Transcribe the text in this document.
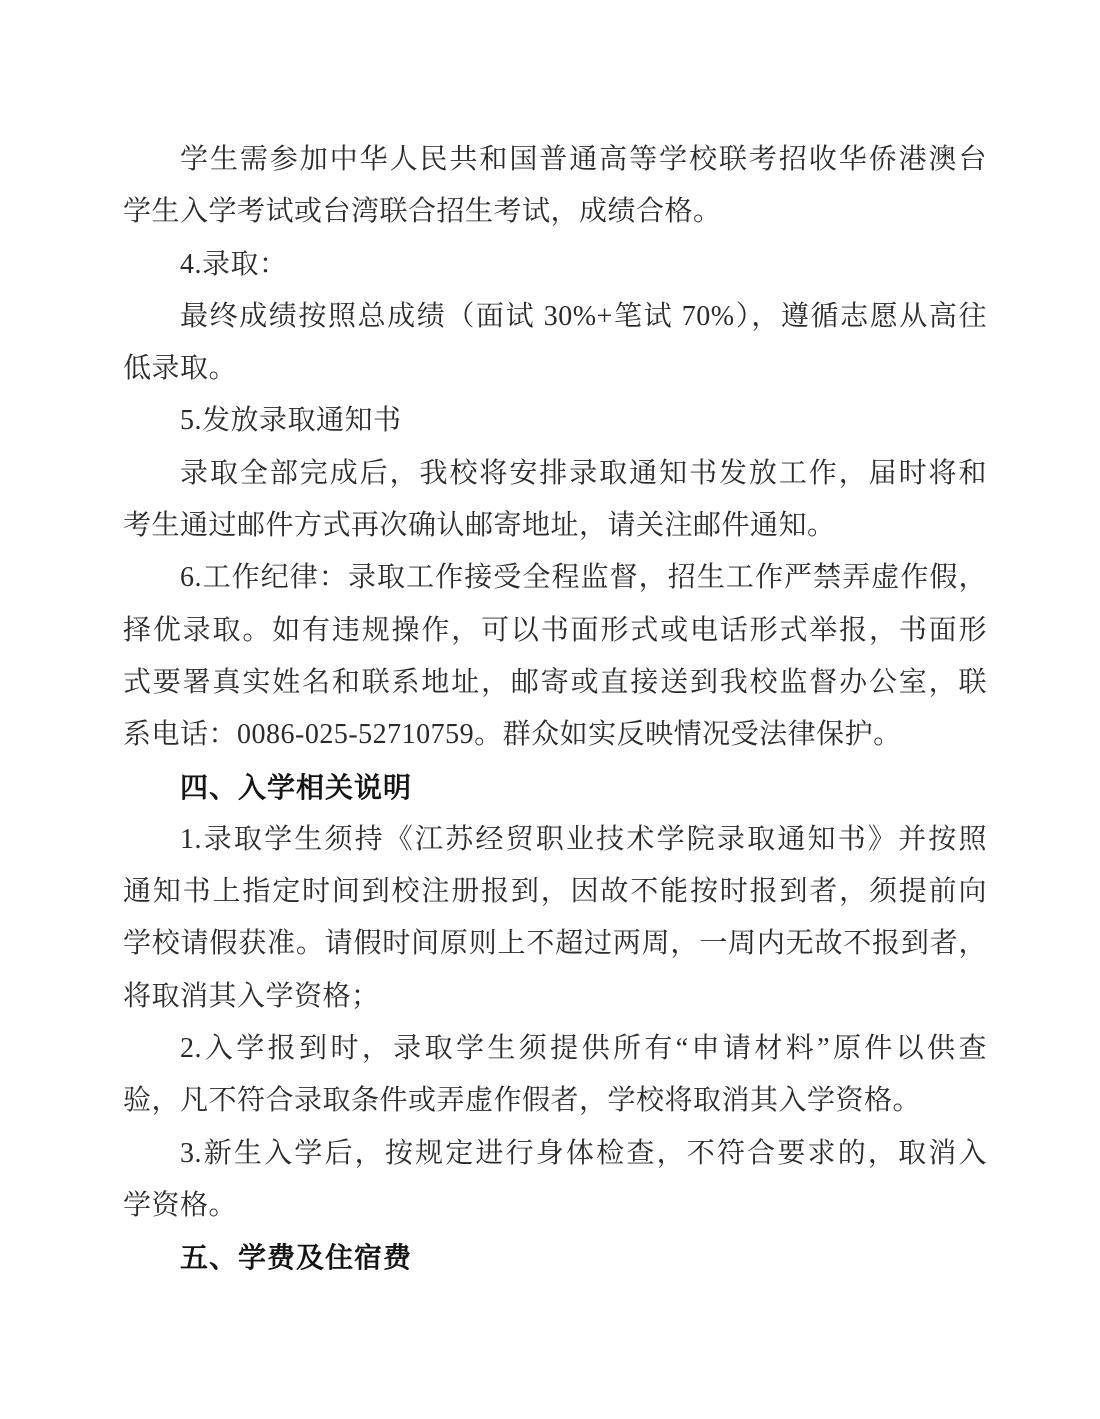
学生需参加中华人民共和国普通高等学校联考招收华侨港澳台
学生入学考试或台湾联合招生考试，成绩合格。
4.录取：
最终成绩按照总成绩（面试 30%+笔试 70%），遵循志愿从高往
低录取。
5.发放录取通知书
录取全部完成后，我校将安排录取通知书发放工作，届时将和
考生通过邮件方式再次确认邮寄地址，请关注邮件通知。
6.工作纪律：录取工作接受全程监督，招生工作严禁弄虚作假，
择优录取。如有违规操作，可以书面形式或电话形式举报，书面形
式要署真实姓名和联系地址，邮寄或直接送到我校监督办公室，联
系电话：0086-025-52710759。群众如实反映情况受法律保护。
四、入学相关说明
1.录取学生须持《江苏经贸职业技术学院录取通知书》并按照
通知书上指定时间到校注册报到，因故不能按时报到者，须提前向
学校请假获准。请假时间原则上不超过两周，一周内无故不报到者，
将取消其入学资格；
2.入学报到时，录取学生须提供所有“申请材料”原件以供查
验，凡不符合录取条件或弄虚作假者，学校将取消其入学资格。
3.新生入学后，按规定进行身体检查，不符合要求的，取消入
学资格。
五、学费及住宿费
